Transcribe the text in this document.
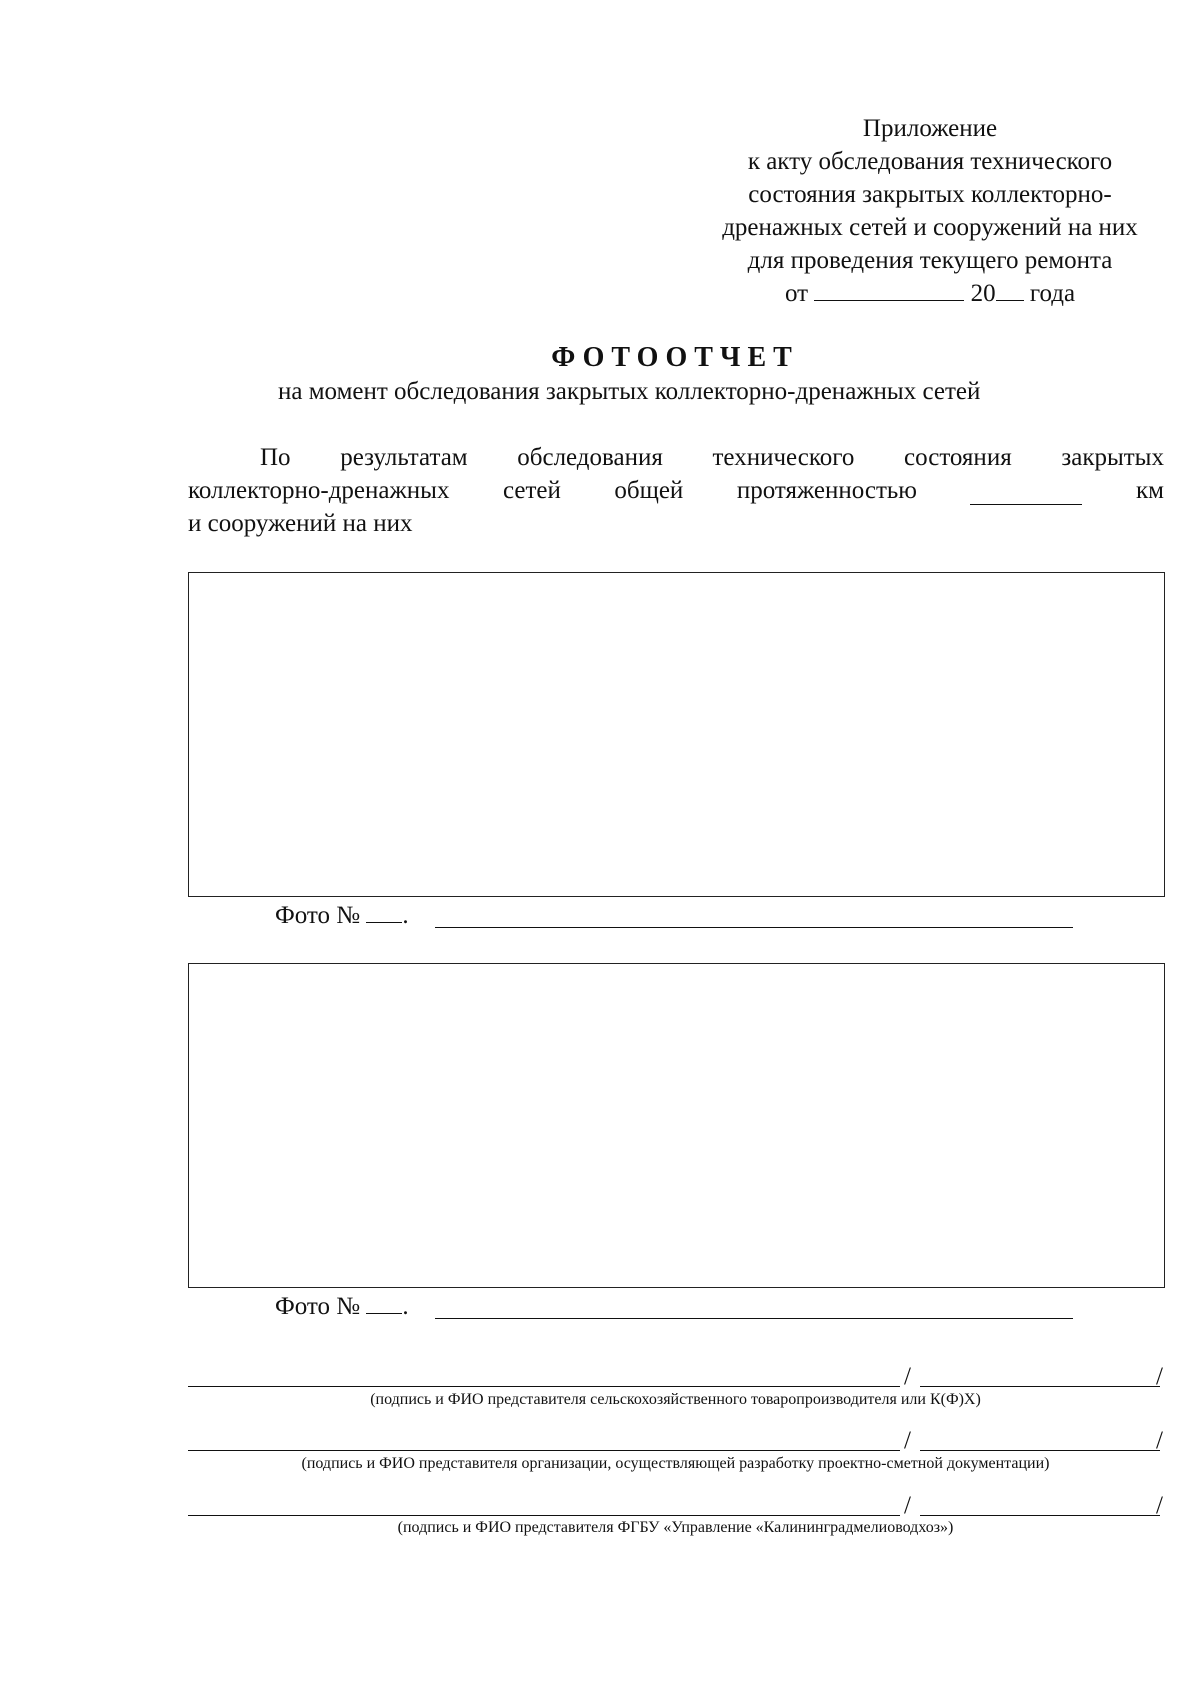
Приложение
к акту обследования технического
состояния закрытых коллекторно-
дренажных сетей и сооружений на них
для проведения текущего ремонта
от	20 года
ФОТООТЧЕТ
на момент обследования закрытых коллекторно-дренажных сетей
По результатам обследования технического состояния закрытых
коллекторно-дренажных сетей общей протяженностью	км
и сооружений на них
Фото № .
Фото № .
/	/
(подпись и ФИО представителя сельскохозяйственного товаропроизводителя или К(Ф)Х)
/	/
(подпись и ФИО представителя организации, осуществляющей разработку проектно-сметной документации)
/	/
(подпись и ФИО представителя ФГБУ «Управление «Калининградмелиоводхоз»)
